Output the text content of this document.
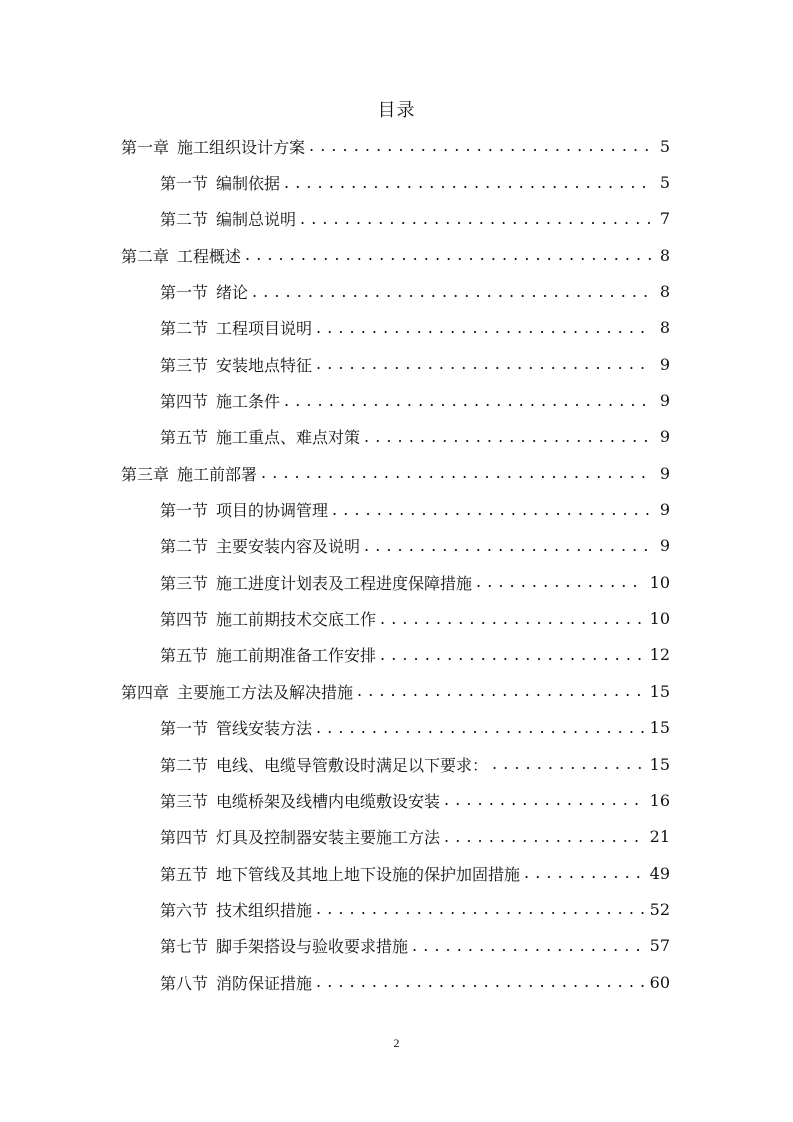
目录
第一章 施工组织设计方案 . . .	5
第一节 编制依据 . . .	5
第二节 编制总说明 . . .	7
第二章 工程概述 . . .	8
第一节 绪论 . . .	8
第二节 工程项目说明 . . .	8
第三节 安装地点特征 . . .	9
第四节 施工条件 . . .	9
第五节 施工重点、难点对策 . . .	9
第三章 施工前部署 . . .	9
第一节 项目的协调管理 . . .	9
第二节 主要安装内容及说明 . . .	9
第三节 施工进度计划表及工程进度保障措施 . . .	10
第四节 施工前期技术交底工作 . . .	10
第五节 施工前期准备工作安排 . . .	12
第四章 主要施工方法及解决措施 . . .	15
第一节 管线安装方法 . . .	15
第二节 电线、电缆导管敷设时满足以下要求： . . .	15
第三节 电缆桥架及线槽内电缆敷设安装 . . .	16
第四节 灯具及控制器安装主要施工方法 . . .	21
第五节 地下管线及其地上地下设施的保护加固措施 . . .	49
第六节 技术组织措施 . . .	52
第七节 脚手架搭设与验收要求措施 . . .	57
第八节 消防保证措施 . . .	60
2
